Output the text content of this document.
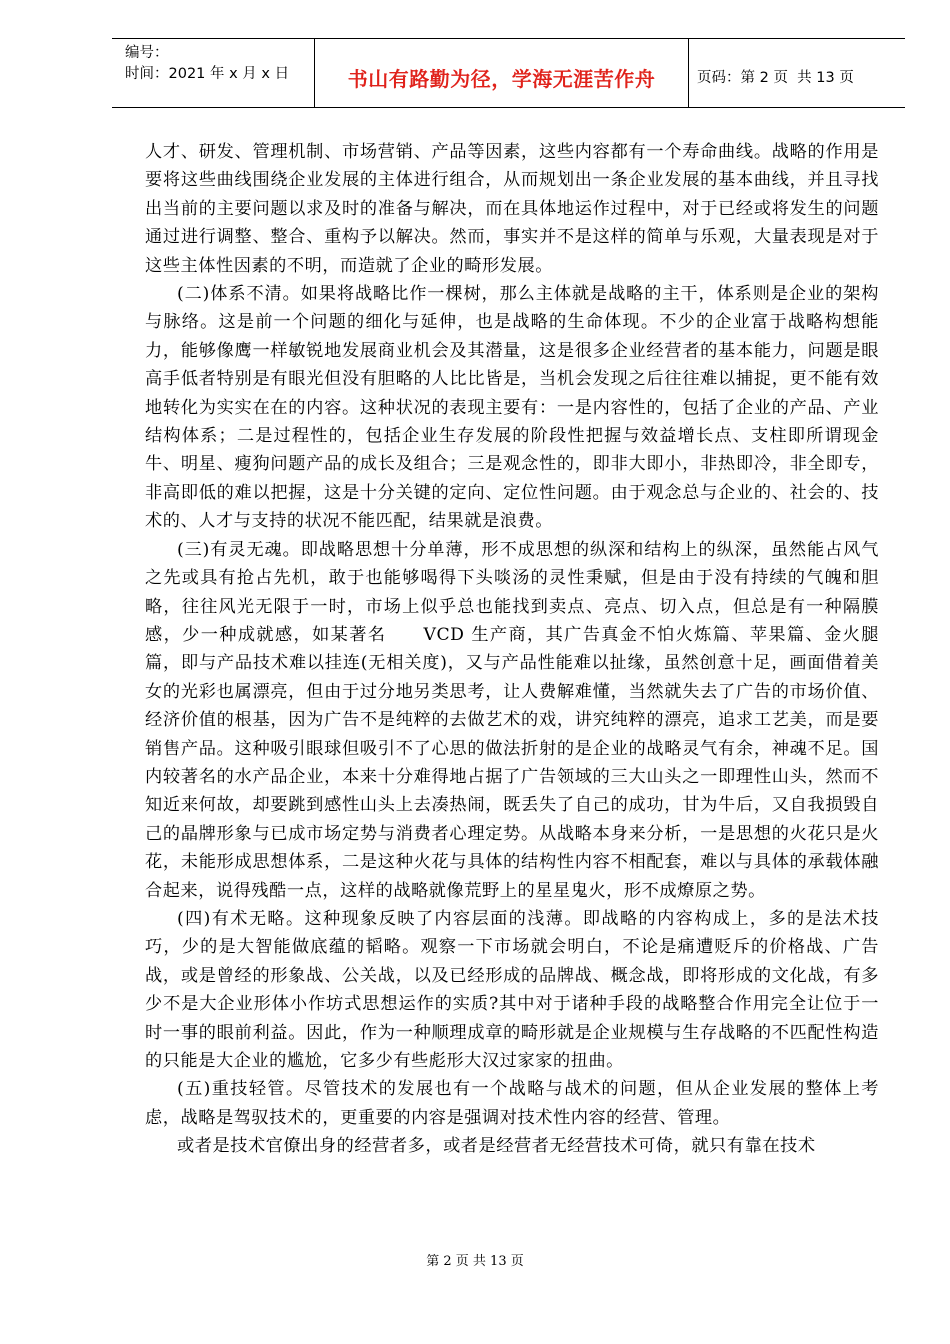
编号：
时间：2021 年 x 月 x 日	书山有路勤为径，学海无涯苦作舟	页码：第 2 页  共 13 页

人才、研发、管理机制、市场营销、产品等因素，这些内容都有一个寿命曲线。战略的作用是要将这些曲线围绕企业发展的主体进行组合，从而规划出一条企业发展的基本曲线，并且寻找出当前的主要问题以求及时的准备与解决，而在具体地运作过程中，对于已经或将发生的问题通过进行调整、整合、重构予以解决。然而，事实并不是这样的简单与乐观，大量表现是对于这些主体性因素的不明，而造就了企业的畸形发展。

(二)体系不清。如果将战略比作一棵树，那么主体就是战略的主干，体系则是企业的架构与脉络。这是前一个问题的细化与延伸，也是战略的生命体现。不少的企业富于战略构想能力，能够像鹰一样敏锐地发展商业机会及其潜量，这是很多企业经营者的基本能力，问题是眼高手低者特别是有眼光但没有胆略的人比比皆是，当机会发现之后往往难以捕捉，更不能有效地转化为实实在在的内容。这种状况的表现主要有：一是内容性的，包括了企业的产品、产业结构体系；二是过程性的，包括企业生存发展的阶段性把握与效益增长点、支柱即所谓现金牛、明星、瘦狗问题产品的成长及组合；三是观念性的，即非大即小，非热即冷，非全即专，非高即低的难以把握，这是十分关键的定向、定位性问题。由于观念总与企业的、社会的、技术的、人才与支持的状况不能匹配，结果就是浪费。

(三)有灵无魂。即战略思想十分单薄，形不成思想的纵深和结构上的纵深，虽然能占风气之先或具有抢占先机，敢于也能够喝得下头啖汤的灵性秉赋，但是由于没有持续的气魄和胆略，往往风光无限于一时，市场上似乎总也能找到卖点、亮点、切入点，但总是有一种隔膜感，少一种成就感，如某著名　　VCD 生产商，其广告真金不怕火炼篇、苹果篇、金火腿篇，即与产品技术难以挂连(无相关度)，又与产品性能难以扯缘，虽然创意十足，画面借着美女的光彩也属漂亮，但由于过分地另类思考，让人费解难懂，当然就失去了广告的市场价值、经济价值的根基，因为广告不是纯粹的去做艺术的戏，讲究纯粹的漂亮，追求工艺美，而是要销售产品。这种吸引眼球但吸引不了心思的做法折射的是企业的战略灵气有余，神魂不足。国内较著名的水产品企业，本来十分难得地占据了广告领域的三大山头之一即理性山头，然而不知近来何故，却要跳到感性山头上去凑热闹，既丢失了自己的成功，甘为牛后，又自我损毁自己的晶牌形象与已成市场定势与消费者心理定势。从战略本身来分析，一是思想的火花只是火花，未能形成思想体系，二是这种火花与具体的结构性内容不相配套，难以与具体的承载体融合起来，说得残酷一点，这样的战略就像荒野上的星星鬼火，形不成燎原之势。

(四)有术无略。这种现象反映了内容层面的浅薄。即战略的内容构成上，多的是法术技巧，少的是大智能做底蕴的韬略。观察一下市场就会明白，不论是痛遭贬斥的价格战、广告战，或是曾经的形象战、公关战，以及已经形成的品牌战、概念战，即将形成的文化战，有多少不是大企业形体小作坊式思想运作的实质?其中对于诸种手段的战略整合作用完全让位于一时一事的眼前利益。因此，作为一种顺理成章的畸形就是企业规模与生存战略的不匹配性构造的只能是大企业的尴尬，它多少有些彪形大汉过家家的扭曲。

(五)重技轻管。尽管技术的发展也有一个战略与战术的问题，但从企业发展的整体上考虑，战略是驾驭技术的，更重要的内容是强调对技术性内容的经营、管理。

或者是技术官僚出身的经营者多，或者是经营者无经营技术可倚，就只有靠在技术

第 2 页 共 13 页
